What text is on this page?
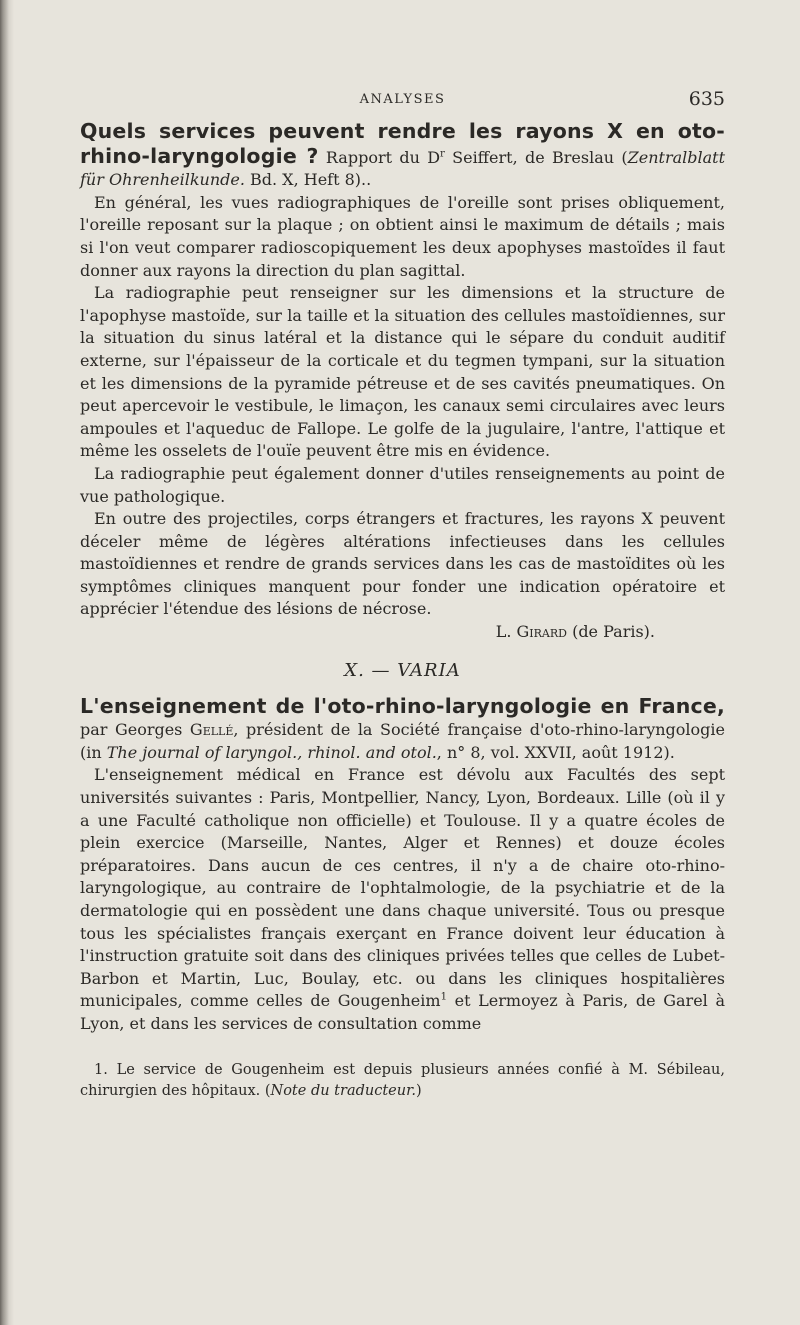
ANALYSES	635

Quels services peuvent rendre les rayons X en oto-rhino-laryngologie ? Rapport du $D^r$ Seiffert, de Breslau (Zentralblatt für Ohrenheilkunde. Bd. X, Heft 8)..

En général, les vues radiographiques de l'oreille sont prises obliquement, l'oreille reposant sur la plaque ; on obtient ainsi le maximum de détails ; mais si l'on veut comparer radioscopiquement les deux apophyses mastoïdes il faut donner aux rayons la direction du plan sagittal.

La radiographie peut renseigner sur les dimensions et la structure de l'apophyse mastoïde, sur la taille et la situation des cellules mastoïdiennes, sur la situation du sinus latéral et la distance qui le sépare du conduit auditif externe, sur l'épaisseur de la corticale et du tegmen tympani, sur la situation et les dimensions de la pyramide pétreuse et de ses cavités pneumatiques. On peut apercevoir le vestibule, le limaçon, les canaux semi circulaires avec leurs ampoules et l'aqueduc de Fallope. Le golfe de la jugulaire, l'antre, l'attique et même les osselets de l'ouïe peuvent être mis en évidence.

La radiographie peut également donner d'utiles renseignements au point de vue pathologique.

En outre des projectiles, corps étrangers et fractures, les rayons X peuvent déceler même de légères altérations infectieuses dans les cellules mastoïdiennes et rendre de grands services dans les cas de mastoïdites où les symptômes cliniques manquent pour fonder une indication opératoire et apprécier l'étendue des lésions de nécrose.

L. Girard (de Paris).

X. — VARIA

L'enseignement de l'oto-rhino-laryngologie en France, par Georges Gellé, président de la Société française d'oto-rhino-laryngologie (in The journal of laryngol., rhinol. and otol., n° 8, vol. XXVII, août 1912).

L'enseignement médical en France est dévolu aux Facultés des sept universités suivantes : Paris, Montpellier, Nancy, Lyon, Bordeaux. Lille (où il y a une Faculté catholique non officielle) et Toulouse. Il y a quatre écoles de plein exercice (Marseille, Nantes, Alger et Rennes) et douze écoles préparatoires. Dans aucun de ces centres, il n'y a de chaire oto-rhino-laryngologique, au contraire de l'ophtalmologie, de la psychiatrie et de la dermatologie qui en possèdent une dans chaque université. Tous ou presque tous les spécialistes français exerçant en France doivent leur éducation à l'instruction gratuite soit dans des cliniques privées telles que celles de Lubet-Barbon et Martin, Luc, Boulay, etc. ou dans les cliniques hospitalières municipales, comme celles de Gougenheim$^1$ et Lermoyez à Paris, de Garel à Lyon, et dans les services de consultation comme

1. Le service de Gougenheim est depuis plusieurs années confié à M. Sébileau, chirurgien des hôpitaux. (Note du traducteur.)
